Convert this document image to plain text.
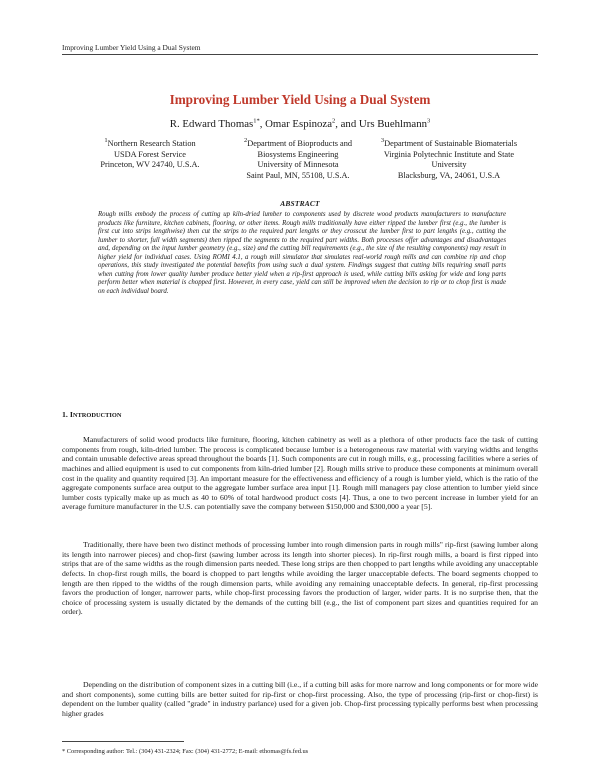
Improving Lumber Yield Using a Dual System
Improving Lumber Yield Using a Dual System
R. Edward Thomas$^{1*}$, Omar Espinoza$^2$, and Urs Buehlmann$^3$
$^1$Northern Research Station
USDA Forest Service
Princeton, WV 24740, U.S.A.
$^2$Department of Bioproducts and
Biosystems Engineering
University of Minnesota
Saint Paul, MN, 55108, U.S.A.
$^3$Department of Sustainable Biomaterials
Virginia Polytechnic Institute and State
University
Blacksburg, VA, 24061, U.S.A
ABSTRACT
Rough mills embody the process of cutting up kiln-dried lumber to components used by discrete wood products manufacturers to manufacture products like furniture, kitchen cabinets, flooring, or other items. Rough mills traditionally have either ripped the lumber first (e.g., the lumber is first cut into strips lengthwise) then cut the strips to the required part lengths or they crosscut the lumber first to part lengths (e.g., cutting the lumber to shorter, full width segments) then ripped the segments to the required part widths. Both processes offer advantages and disadvantages and, depending on the input lumber geometry (e.g., size) and the cutting bill requirements (e.g., the size of the resulting components) may result in higher yield for individual cases. Using ROMI 4.1, a rough mill simulator that simulates real-world rough mills and can combine rip and chop operations, this study investigated the potential benefits from using such a dual system. Findings suggest that cutting bills requiring small parts when cutting from lower quality lumber produce better yield when a rip-first approach is used, while cutting bills asking for wide and long parts perform better when material is chopped first. However, in every case, yield can still be improved when the decision to rip or to chop first is made on each individual board.
1. INTRODUCTION
Manufacturers of solid wood products like furniture, flooring, kitchen cabinetry as well as a plethora of other products face the task of cutting components from rough, kiln-dried lumber. The process is complicated because lumber is a heterogeneous raw material with varying widths and lengths and contain unusable defective areas spread throughout the boards [1]. Such components are cut in rough mills, e.g., processing facilities where a series of machines and allied equipment is used to cut components from kiln-dried lumber [2]. Rough mills strive to produce these components at minimum overall cost in the quality and quantity required [3]. An important measure for the effectiveness and efficiency of a rough is lumber yield, which is the ratio of the aggregate components surface area output to the aggregate lumber surface area input [1]. Rough mill managers pay close attention to lumber yield since lumber costs typically make up as much as 40 to 60% of total hardwood product costs [4]. Thus, a one to two percent increase in lumber yield for an average furniture manufacturer in the U.S. can potentially save the company between $150,000 and $300,000 a year [5].
Traditionally, there have been two distinct methods of processing lumber into rough dimension parts in rough mills" rip-first (sawing lumber along its length into narrower pieces) and chop-first (sawing lumber across its length into shorter pieces). In rip-first rough mills, a board is first ripped into strips that are of the same widths as the rough dimension parts needed. These long strips are then chopped to part lengths while avoiding any unacceptable defects. In chop-first rough mills, the board is chopped to part lengths while avoiding the larger unacceptable defects. The board segments chopped to length are then ripped to the widths of the rough dimension parts, while avoiding any remaining unacceptable defects. In general, rip-first processing favors the production of longer, narrower parts, while chop-first processing favors the production of larger, wider parts. It is no surprise then, that the choice of processing system is usually dictated by the demands of the cutting bill (e.g., the list of component part sizes and quantities required for an order).
Depending on the distribution of component sizes in a cutting bill (i.e., if a cutting bill asks for more narrow and long components or for more wide and short components), some cutting bills are better suited for rip-first or chop-first processing. Also, the type of processing (rip-first or chop-first) is dependent on the lumber quality (called "grade" in industry parlance) used for a given job. Chop-first processing typically performs best when processing higher grades
* Corresponding author: Tel.: (304) 431-2324; Fax: (304) 431-2772; E-mail: ethomas@fs.fed.us
